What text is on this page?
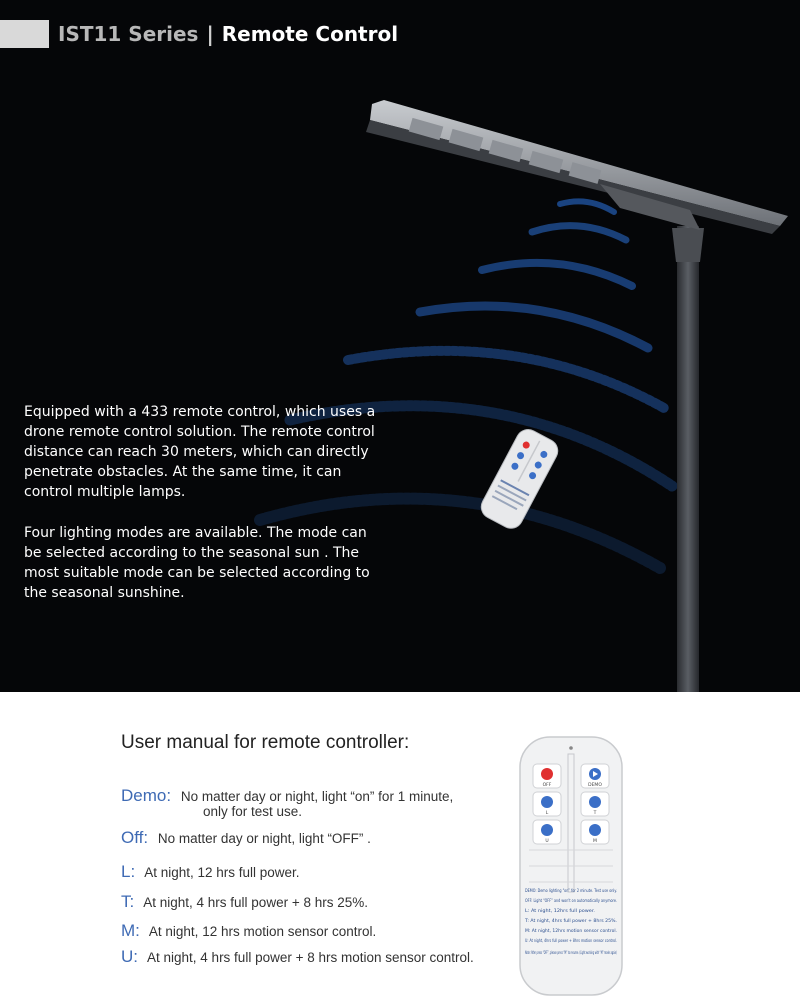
IST11 Series | Remote Control
Equipped with a 433 remote control, which uses a drone remote control solution. The remote control distance can reach 30 meters, which can directly penetrate obstacles. At the same time, it can control multiple lamps.
Four lighting modes are available. The mode can be selected according to the seasonal sun . The most suitable mode can be selected according to the seasonal sunshine.
User manual for remote controller:
Demo: No matter day or night, light “on” for 1 minute,
only for test use.
Off: No matter day or night, light “OFF” .
L: At night, 12 hrs full power.
T: At night, 4 hrs full power + 8 hrs 25%.
M: At night, 12 hrs motion sensor control.
U: At night, 4 hrs full power + 8 hrs motion sensor control.
OFF	DEMO
L	T
U	M
DEMO: Demo lighting “on” for 2 minute. Test use only.
OFF: Light “OFF” and won't on automatically anymore.
L: At night, 12hrs full power.
T: At night, 4hrs full power + 8hrs 25%.
M: At night, 12hrs motion sensor control.
U: At night, 4hrs full power + 8hrs motion sensor control.
Note: After press “OFF”, please press “M” to resume. (Light working with “M” mode again)
